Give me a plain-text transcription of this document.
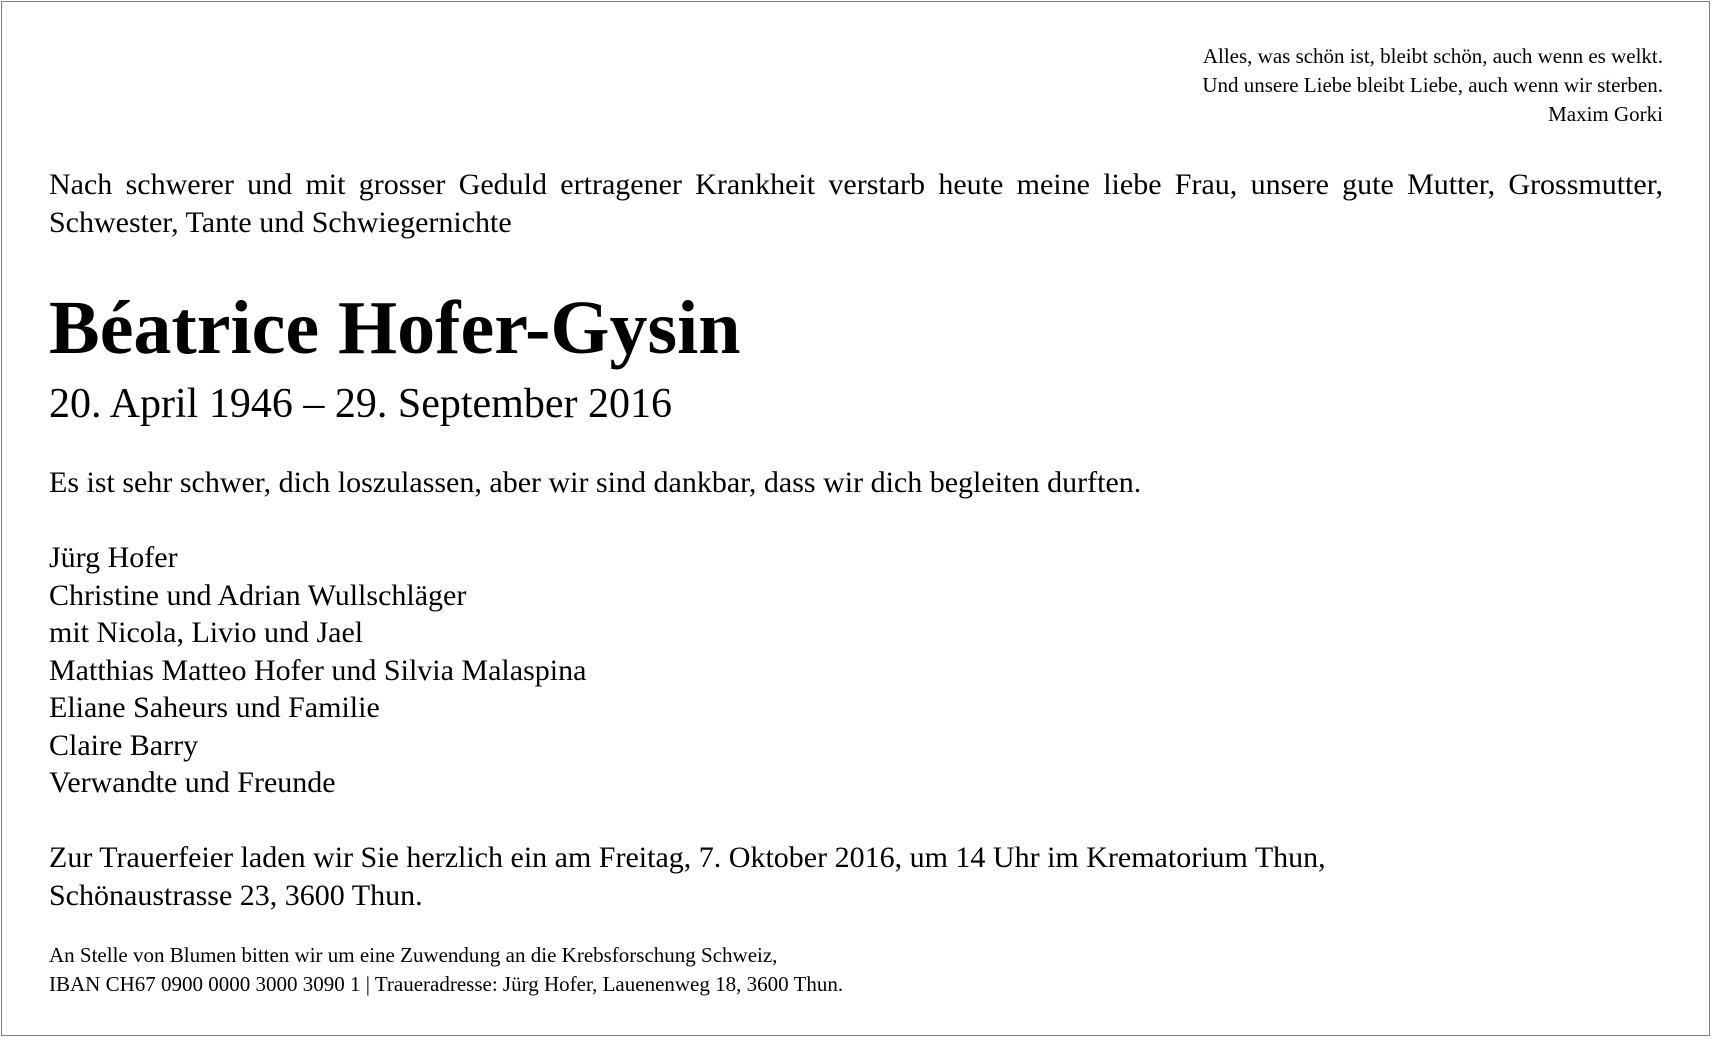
Alles, was schön ist, bleibt schön, auch wenn es welkt.
Und unsere Liebe bleibt Liebe, auch wenn wir sterben.
Maxim Gorki
Nach schwerer und mit grosser Geduld ertragener Krankheit verstarb heute meine liebe Frau, unsere gute Mutter, Grossmutter, Schwester, Tante und Schwiegernichte
Béatrice Hofer-Gysin
20. April 1946 – 29. September 2016
Es ist sehr schwer, dich loszulassen, aber wir sind dankbar, dass wir dich begleiten durften.
Jürg Hofer
Christine und Adrian Wullschläger
mit Nicola, Livio und Jael
Matthias Matteo Hofer und Silvia Malaspina
Eliane Saheurs und Familie
Claire Barry
Verwandte und Freunde
Zur Trauerfeier laden wir Sie herzlich ein am Freitag, 7. Oktober 2016, um 14 Uhr im Krematorium Thun,
Schönaustrasse 23, 3600 Thun.
An Stelle von Blumen bitten wir um eine Zuwendung an die Krebsforschung Schweiz,
IBAN CH67 0900 0000 3000 3090 1 | Traueradresse: Jürg Hofer, Lauenenweg 18, 3600 Thun.
